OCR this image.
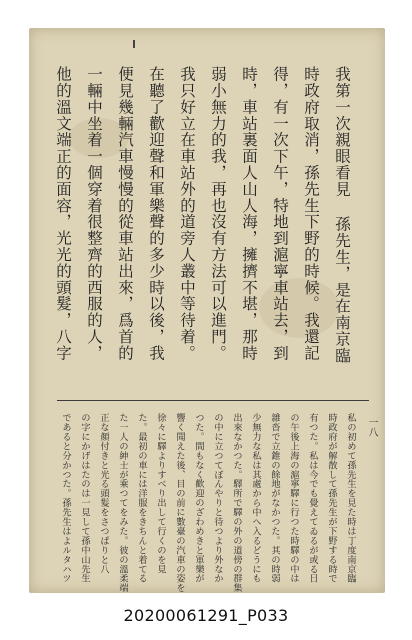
我第一次親眼看見 孫先生，是在南京臨
時政府取消，孫先生下野的時候。我還記
得，有一次下午，特地到滬寧車站去，到
時，車站裏面人山人海，擁擠不堪，那時
弱小無力的我，再也沒有方法可以進門。
我只好立在車站外的道旁人叢中等待着。
在聽了歡迎聲和軍樂聲的多少時以後，我
便見幾輛汽車慢慢的從車站出來，爲首的
一輛中坐着一個穿着很整齊的西服的人，
他的溫文端正的面容，光光的頭髮，八字
一八
私の初めて孫先生を見た時は丁度南京臨
時政府が解散して孫先生が下野する時で
有つた。私は今でも覺えてゐるが或る日
の午後上海の滬寧驛に行つた時驛の中は
雜沓で立錐の餘地がなかつた。其の時弱
少無力な私は其處から中へ入るどうにも
出來なかつた。驛所で驛の外の道傍の群集
の中に立つてぼんやりと待つより外なか
つた。間もなく歡迎のざわめきと軍樂が
響く聞えた後、目の前に數臺の汽車の姿を
徐々に驛よりすべり出して行くのを見
た。最初の車には洋服をきちんと着てる
た一人の紳士が乘つてをみた。彼の溫柔端
正な顏付きと光る頭髮をさつぱりと八
の字にかげはたのは一見して孫中山先生
であると分かつた。孫先生はよルタハツ
20200061291_P033
